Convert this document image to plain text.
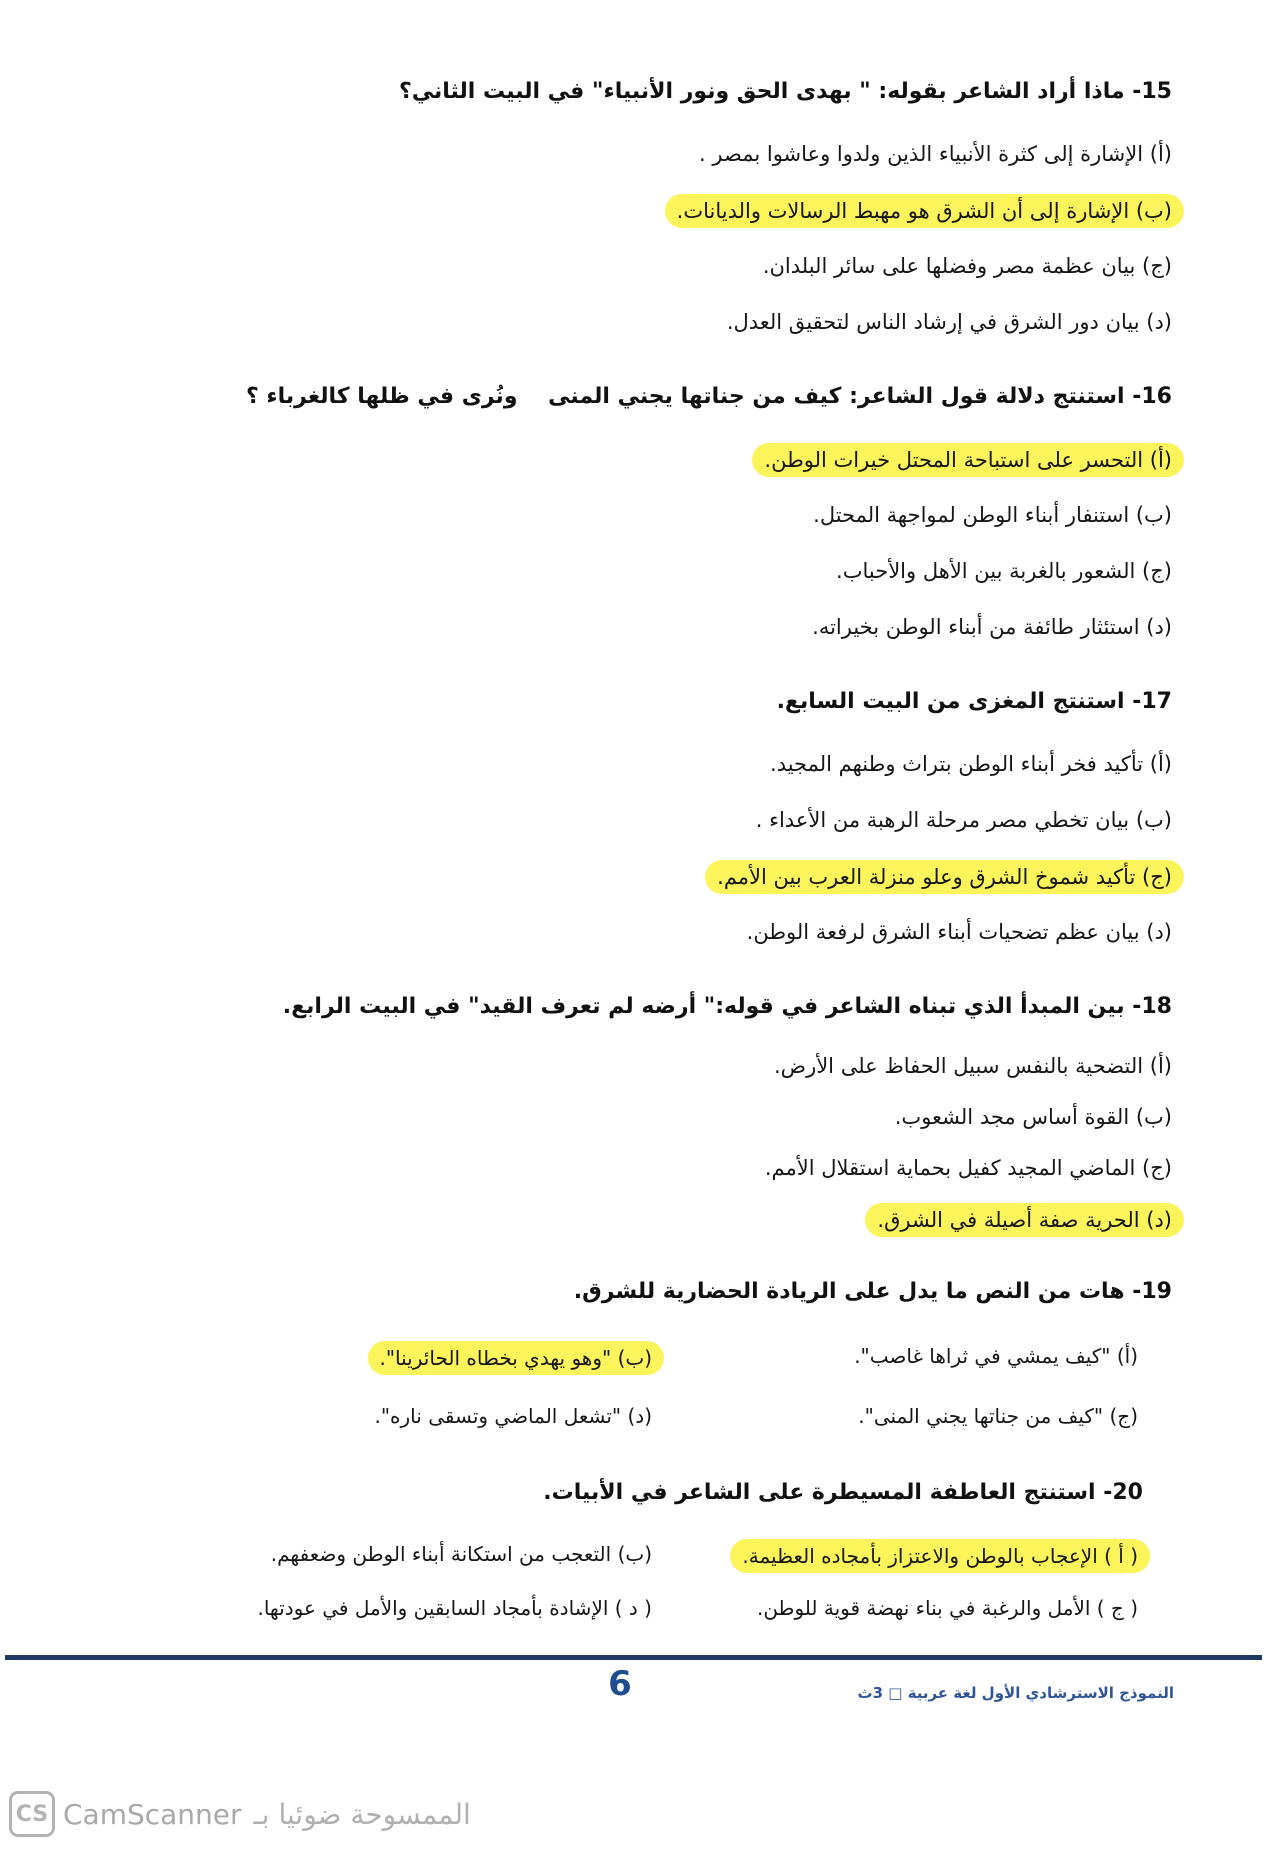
15- ماذا أراد الشاعر بقوله: " بهدى الحق ونور الأنبياء" في البيت الثاني؟
(أ) الإشارة إلى كثرة الأنبياء الذين ولدوا وعاشوا بمصر .
(ب) الإشارة إلى أن الشرق هو مهبط الرسالات والديانات.
(ج) بيان عظمة مصر وفضلها على سائر البلدان.
(د) بيان دور الشرق في إرشاد الناس لتحقيق العدل.
16- استنتج دلالة قول الشاعر: كيف من جناتها يجني المنى    ونُرى في ظلها كالغرباء ؟
(أ) التحسر على استباحة المحتل خيرات الوطن.
(ب) استنفار أبناء الوطن لمواجهة المحتل.
(ج) الشعور بالغربة بين الأهل والأحباب.
(د) استئثار طائفة من أبناء الوطن بخيراته.
17- استنتج المغزى من البيت السابع.
(أ) تأكيد فخر أبناء الوطن بتراث وطنهم المجيد.
(ب) بيان تخطي مصر مرحلة الرهبة من الأعداء .
(ج) تأكيد شموخ الشرق وعلو منزلة العرب بين الأمم.
(د) بيان عظم تضحيات أبناء الشرق لرفعة الوطن.
18- بين المبدأ الذي تبناه الشاعر في قوله:" أرضه لم تعرف القيد" في البيت الرابع.
(أ) التضحية بالنفس سبيل الحفاظ على الأرض.
(ب) القوة أساس مجد الشعوب.
(ج) الماضي المجيد كفيل بحماية استقلال الأمم.
(د) الحرية صفة أصيلة في الشرق.
19- هات من النص ما يدل على الريادة الحضارية للشرق.
(أ) "كيف يمشي في ثراها غاصب".
(ب) "وهو يهدي بخطاه الحائرينا".
(ج) "كيف من جناتها يجني المنى".
(د) "تشعل الماضي وتسقى ناره".
20- استنتج العاطفة المسيطرة على الشاعر في الأبيات.
( أ ) الإعجاب بالوطن والاعتزاز بأمجاده العظيمة.
(ب) التعجب من استكانة أبناء الوطن وضعفهم.
( ج ) الأمل والرغبة في بناء نهضة قوية للوطن.
( د ) الإشادة بأمجاد السابقين والأمل في عودتها.
6	النموذج الاسترشادي الأول لغة عربية □ 3ث
CS CamScanner الممسوحة ضوئيا بـ
